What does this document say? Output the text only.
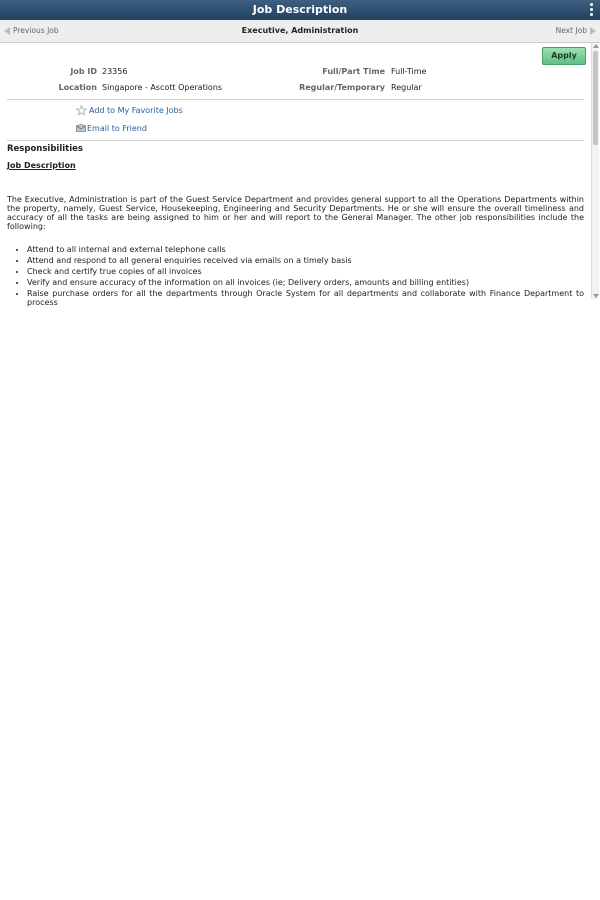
Job Description
Previous Job	Executive, Administration	Next Job
Apply
Job ID 23356
Location Singapore - Ascott Operations
Full/Part Time Full-Time
Regular/Temporary Regular
Add to My Favorite Jobs
Email to Friend
Responsibilities
Job Description
The Executive, Administration is part of the Guest Service Department and provides general support to all the Operations Departments within the property, namely, Guest Service, Housekeeping, Engineering and Security Departments. He or she will ensure the overall timeliness and accuracy of all the tasks are being assigned to him or her and will report to the General Manager. The other job responsibilities include the following:
• Attend to all internal and external telephone calls
• Attend and respond to all general enquiries received via emails on a timely basis
• Check and certify true copies of all invoices
• Verify and ensure accuracy of the information on all invoices (ie; Delivery orders, amounts and billing entities)
• Raise purchase orders for all the departments through Oracle System for all departments and collaborate with Finance Department to process
